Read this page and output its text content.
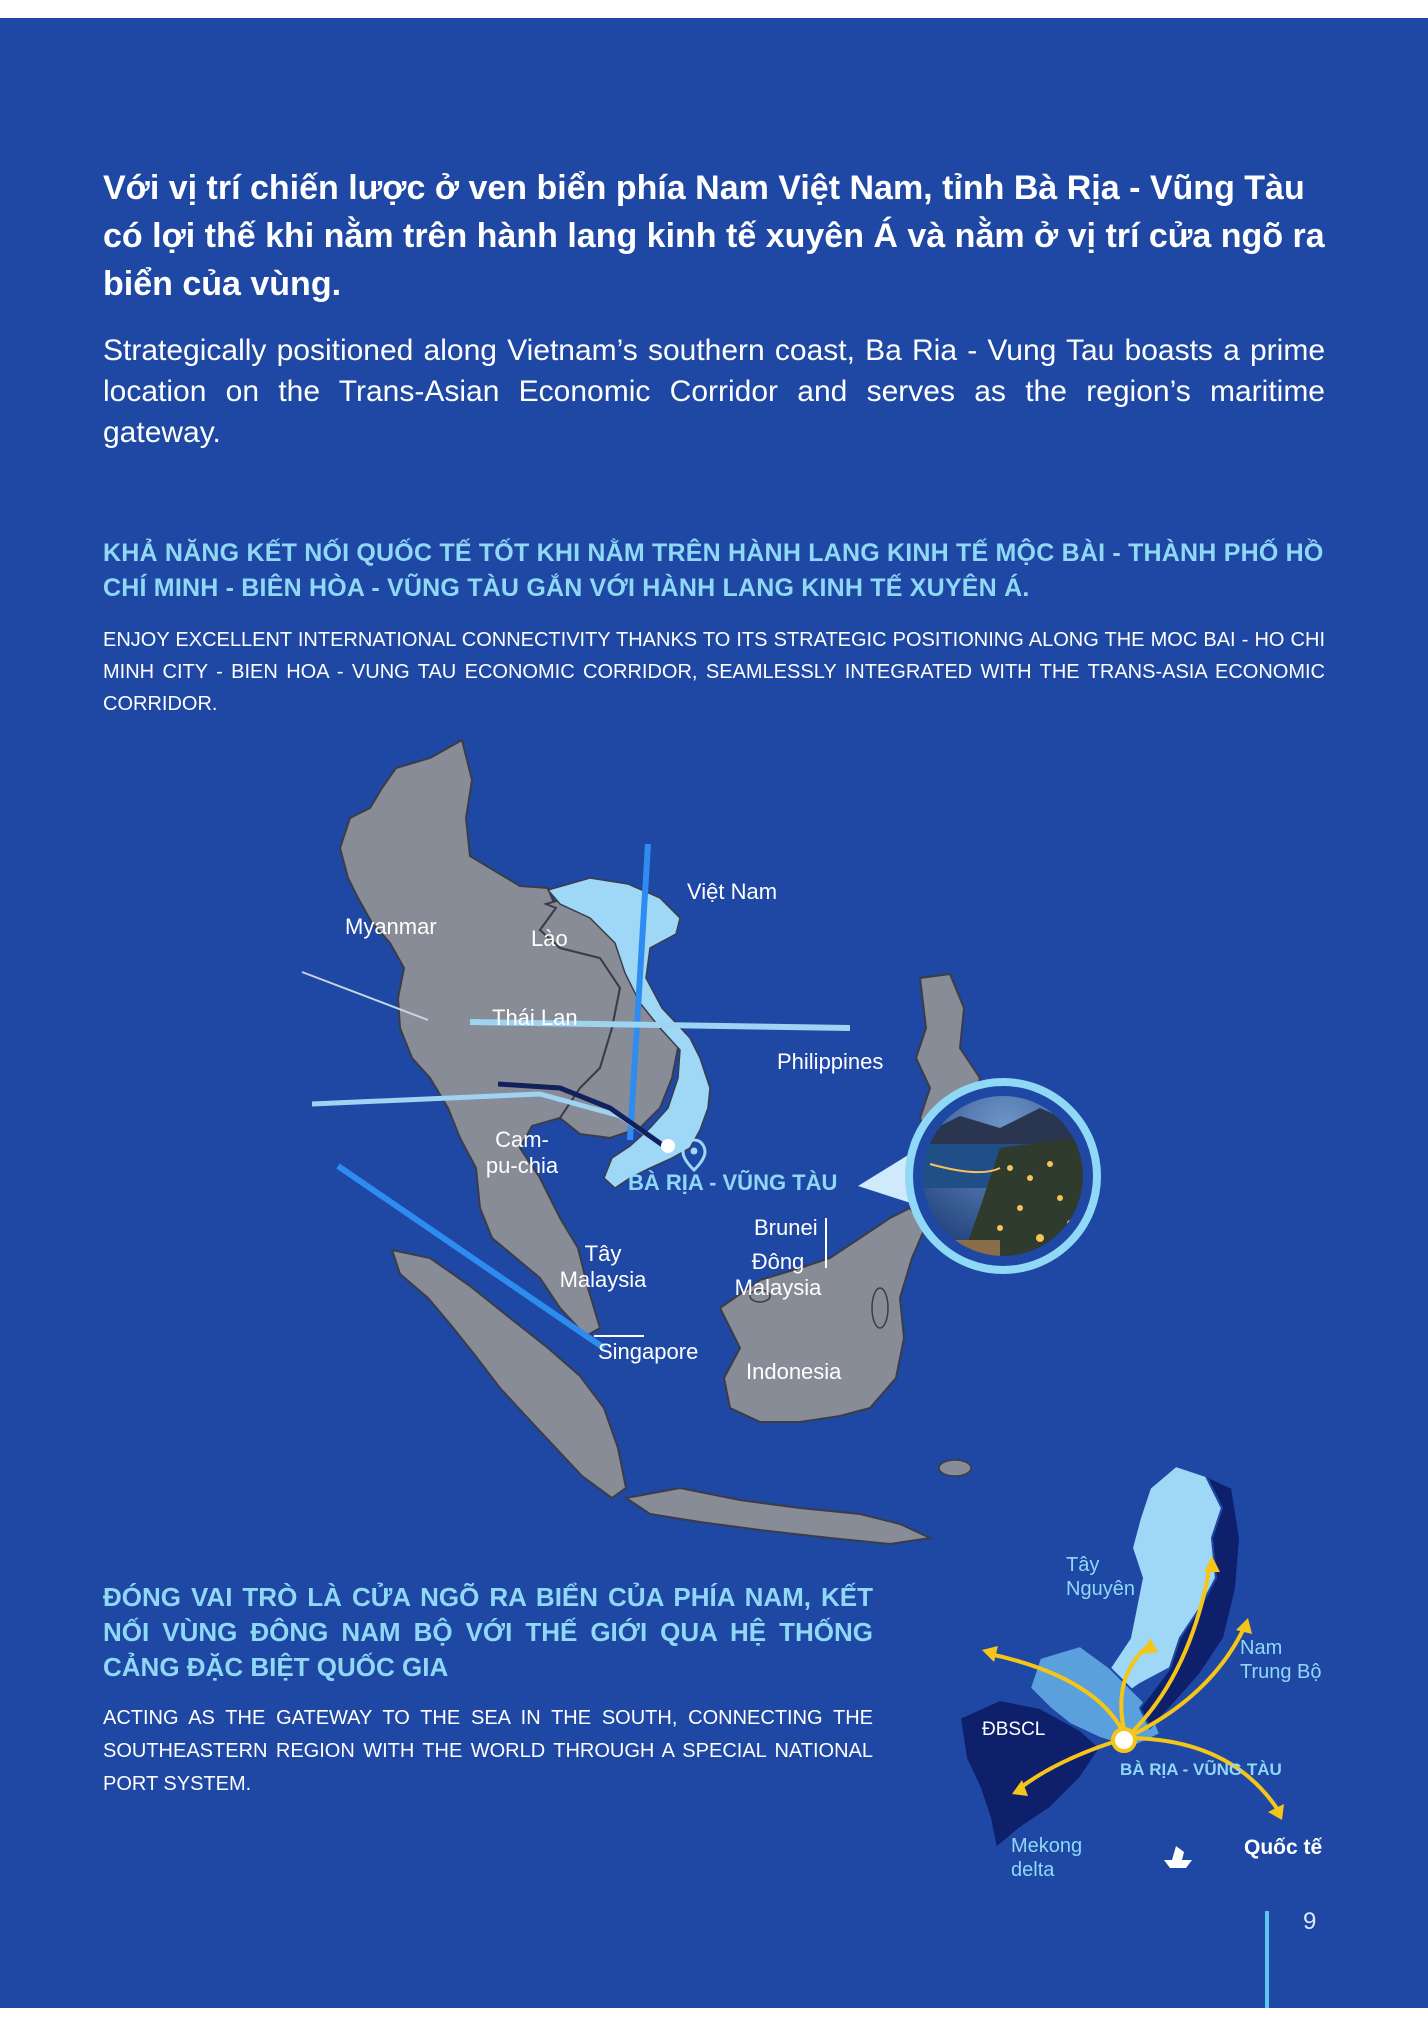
Với vị trí chiến lược ở ven biển phía Nam Việt Nam, tỉnh Bà Rịa - Vũng Tàu có lợi thế khi nằm trên hành lang kinh tế xuyên Á và nằm ở vị trí cửa ngõ ra biển của vùng.
Strategically positioned along Vietnam’s southern coast, Ba Ria - Vung Tau boasts a prime location on the Trans-Asian Economic Corridor and serves as the region’s maritime gateway.
KHẢ NĂNG KẾT NỐI QUỐC TẾ TỐT KHI NẰM TRÊN HÀNH LANG KINH TẾ MỘC BÀI - THÀNH PHỐ HỒ CHÍ MINH - BIÊN HÒA - VŨNG TÀU GẮN VỚI HÀNH LANG KINH TẾ XUYÊN Á.
ENJOY EXCELLENT INTERNATIONAL CONNECTIVITY THANKS TO ITS STRATEGIC POSITIONING ALONG THE MOC BAI - HO CHI MINH CITY - BIEN HOA - VUNG TAU ECONOMIC CORRIDOR, SEAMLESSLY INTEGRATED WITH THE TRANS-ASIA ECONOMIC CORRIDOR.
Việt Nam
Myanmar	Lào
Thái Lan
Philippines
Cam-
pu-chia
BÀ RỊA - VŨNG TÀU
Brunei
Tây
Malaysia
Đông
Malaysia
Singapore
Indonesia
ĐÓNG VAI TRÒ LÀ CỬA NGÕ RA BIỂN CỦA PHÍA NAM, KẾT NỐI VÙNG ĐÔNG NAM BỘ VỚI THẾ GIỚI QUA HỆ THỐNG CẢNG ĐẶC BIỆT QUỐC GIA
ACTING AS THE GATEWAY TO THE SEA IN THE SOUTH, CONNECTING THE SOUTHEASTERN REGION WITH THE WORLD THROUGH A SPECIAL NATIONAL PORT SYSTEM.
Tây
Nguyên
Nam
Trung Bộ
ĐBSCL
BÀ RỊA - VŨNG TÀU
Mekong
delta
Quốc tế
9
